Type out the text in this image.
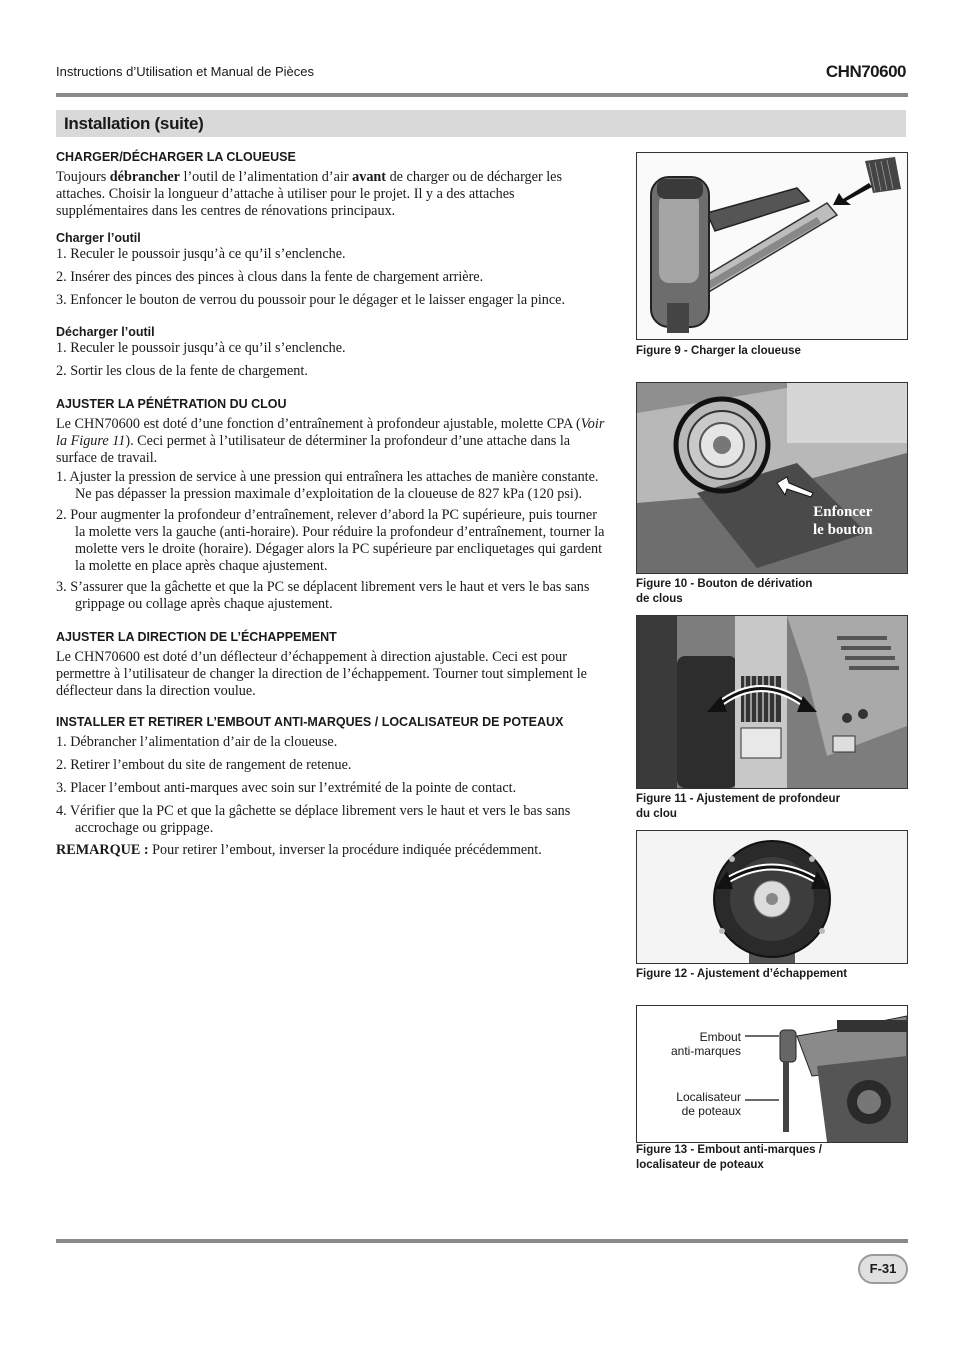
Instructions d’Utilisation et Manual de Pièces	CHN70600
Installation (suite)

CHARGER/DÉCHARGER LA CLOUEUSE

Toujours débrancher l’outil de l’alimentation d’air avant de charger ou de décharger les attaches. Choisir la longueur d’attache à utiliser pour le projet. Il y a des attaches supplémentaires dans les centres de rénovations principaux.

Charger l’outil

1. Reculer le poussoir jusqu’à ce qu’il s’enclenche.

2. Insérer des pinces des pinces à clous dans la fente de chargement arrière.

3. Enfoncer le bouton de verrou du poussoir pour le dégager et le laisser engager la pince.

Décharger l’outil

1. Reculer le poussoir jusqu’à ce qu’il s’enclenche.

2. Sortir les clous de la fente de chargement.

AJUSTER LA PÉNÉTRATION DU CLOU

Le CHN70600 est doté d’une fonction d’entraînement à profondeur ajustable, molette CPA (Voir la Figure 11). Ceci permet à l’utilisateur de déterminer la profondeur d’une attache dans la surface de travail.

1. Ajuster la pression de service à une pression qui entraînera les attaches de manière constante. Ne pas dépasser la pression maximale d’exploitation de la cloueuse de 827 kPa (120 psi).

2. Pour augmenter la profondeur d’entraînement, relever d’abord la PC supérieure, puis tourner la molette vers la gauche (anti-horaire). Pour réduire la profondeur d’entraînement, tourner la molette vers le droite (horaire). Dégager alors la PC supérieure par encliquetages qui gardent la molette en place après chaque ajustement.

3. S’assurer que la gâchette et que la PC se déplacent librement vers le haut et vers le bas sans grippage ou collage après chaque ajustement.

AJUSTER LA DIRECTION DE L’ÉCHAPPEMENT

Le CHN70600 est doté d’un déflecteur d’échappement à direction ajustable. Ceci est pour permettre à l’utilisateur de changer la direction de l’échappement. Tourner tout simplement le déflecteur dans la direction voulue.

INSTALLER ET RETIRER L’EMBOUT ANTI-MARQUES / LOCALISATEUR DE POTEAUX

1. Débrancher l’alimentation d’air de la cloueuse.

2. Retirer l’embout du site de rangement de retenue.

3. Placer l’embout anti-marques avec soin sur l’extrémité de la pointe de contact.

4. Vérifier que la PC et que la gâchette se déplace librement vers le haut et vers le bas sans accrochage ou grippage.

REMARQUE : Pour retirer l’embout, inverser la procédure indiquée précédemment.

Figure 9 - Charger la cloueuse
Enfoncer
le bouton
Figure 10 - Bouton de dérivation
de clous
Figure 11 - Ajustement de profondeur
du clou
Figure 12 - Ajustement d’échappement
Embout
anti-marques
Localisateur
de poteaux
Figure 13 - Embout anti-marques /
localisateur de poteaux
F-31
